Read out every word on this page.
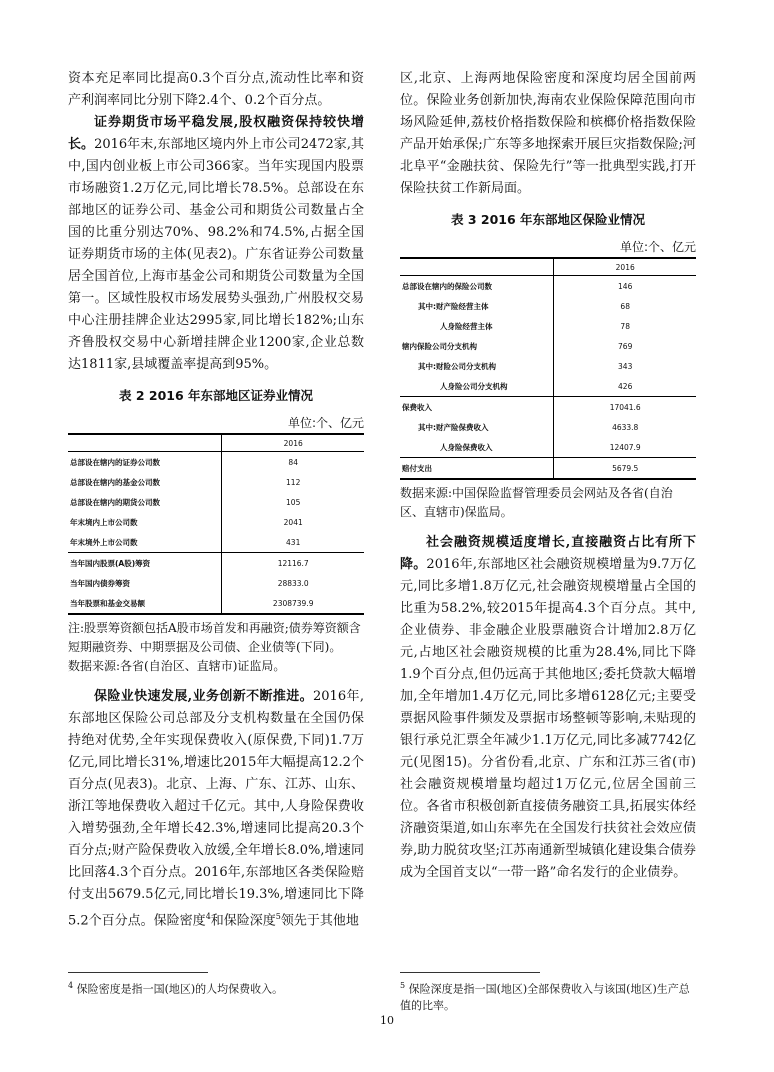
资本充足率同比提高0.3个百分点,流动性比率和资产利润率同比分别下降2.4个、0.2个百分点。

证券期货市场平稳发展,股权融资保持较快增长。2016年末,东部地区境内外上市公司2472家,其中,国内创业板上市公司366家。当年实现国内股票市场融资1.2万亿元,同比增长78.5%。总部设在东部地区的证券公司、基金公司和期货公司数量占全国的比重分别达70%、98.2%和74.5%,占据全国证券期货市场的主体(见表2)。广东省证券公司数量居全国首位,上海市基金公司和期货公司数量为全国第一。区域性股权市场发展势头强劲,广州股权交易中心注册挂牌企业达2995家,同比增长182%;山东齐鲁股权交易中心新增挂牌企业1200家,企业总数达1811家,县域覆盖率提高到95%。

表 2 2016 年东部地区证券业情况
单位:个、亿元
	2016
总部设在辖内的证券公司数	84
总部设在辖内的基金公司数	112
总部设在辖内的期货公司数	105
年末境内上市公司数	2041
年末境外上市公司数	431
当年国内股票(A股)筹资	12116.7
当年国内债券筹资	28833.0
当年股票和基金交易额	2308739.9
注:股票筹资额包括A股市场首发和再融资;债券筹资额含短期融资券、中期票据及公司债、企业债等(下同)。
数据来源:各省(自治区、直辖市)证监局。

保险业快速发展,业务创新不断推进。2016年,东部地区保险公司总部及分支机构数量在全国仍保持绝对优势,全年实现保费收入(原保费,下同)1.7万亿元,同比增长31%,增速比2015年大幅提高12.2个百分点(见表3)。北京、上海、广东、江苏、山东、浙江等地保费收入超过千亿元。其中,人身险保费收入增势强劲,全年增长42.3%,增速同比提高20.3个百分点;财产险保费收入放缓,全年增长8.0%,增速同比回落4.3个百分点。2016年,东部地区各类保险赔付支出5679.5亿元,同比增长19.3%,增速同比下降5.2个百分点。保险密度$^4$和保险深度$^5$领先于其他地

区,北京、上海两地保险密度和深度均居全国前两位。保险业务创新加快,海南农业保险保障范围向市场风险延伸,荔枝价格指数保险和槟榔价格指数保险产品开始承保;广东等多地探索开展巨灾指数保险;河北阜平“金融扶贫、保险先行”等一批典型实践,打开保险扶贫工作新局面。

表 3 2016 年东部地区保险业情况
单位:个、亿元
	2016
总部设在辖内的保险公司数	146
其中:财产险经营主体	68
人身险经营主体	78
辖内保险公司分支机构	769
其中:财险公司分支机构	343
人身险公司分支机构	426
保费收入	17041.6
其中:财产险保费收入	4633.8
人身险保费收入	12407.9
赔付支出	5679.5
数据来源:中国保险监督管理委员会网站及各省(自治区、直辖市)保监局。

社会融资规模适度增长,直接融资占比有所下降。2016年,东部地区社会融资规模增量为9.7万亿元,同比多增1.8万亿元,社会融资规模增量占全国的比重为58.2%,较2015年提高4.3个百分点。其中,企业债券、非金融企业股票融资合计增加2.8万亿元,占地区社会融资规模的比重为28.4%,同比下降1.9个百分点,但仍远高于其他地区;委托贷款大幅增加,全年增加1.4万亿元,同比多增6128亿元;主要受票据风险事件频发及票据市场整顿等影响,未贴现的银行承兑汇票全年减少1.1万亿元,同比多减7742亿元(见图15)。分省份看,北京、广东和江苏三省(市)社会融资规模增量均超过1万亿元,位居全国前三位。各省市积极创新直接债务融资工具,拓展实体经济融资渠道,如山东率先在全国发行扶贫社会效应债券,助力脱贫攻坚;江苏南通新型城镇化建设集合债券成为全国首支以“一带一路”命名发行的企业债券。

$^4$ 保险密度是指一国(地区)的人均保费收入。	$^5$ 保险深度是指一国(地区)全部保费收入与该国(地区)生产总值的比率。
10
